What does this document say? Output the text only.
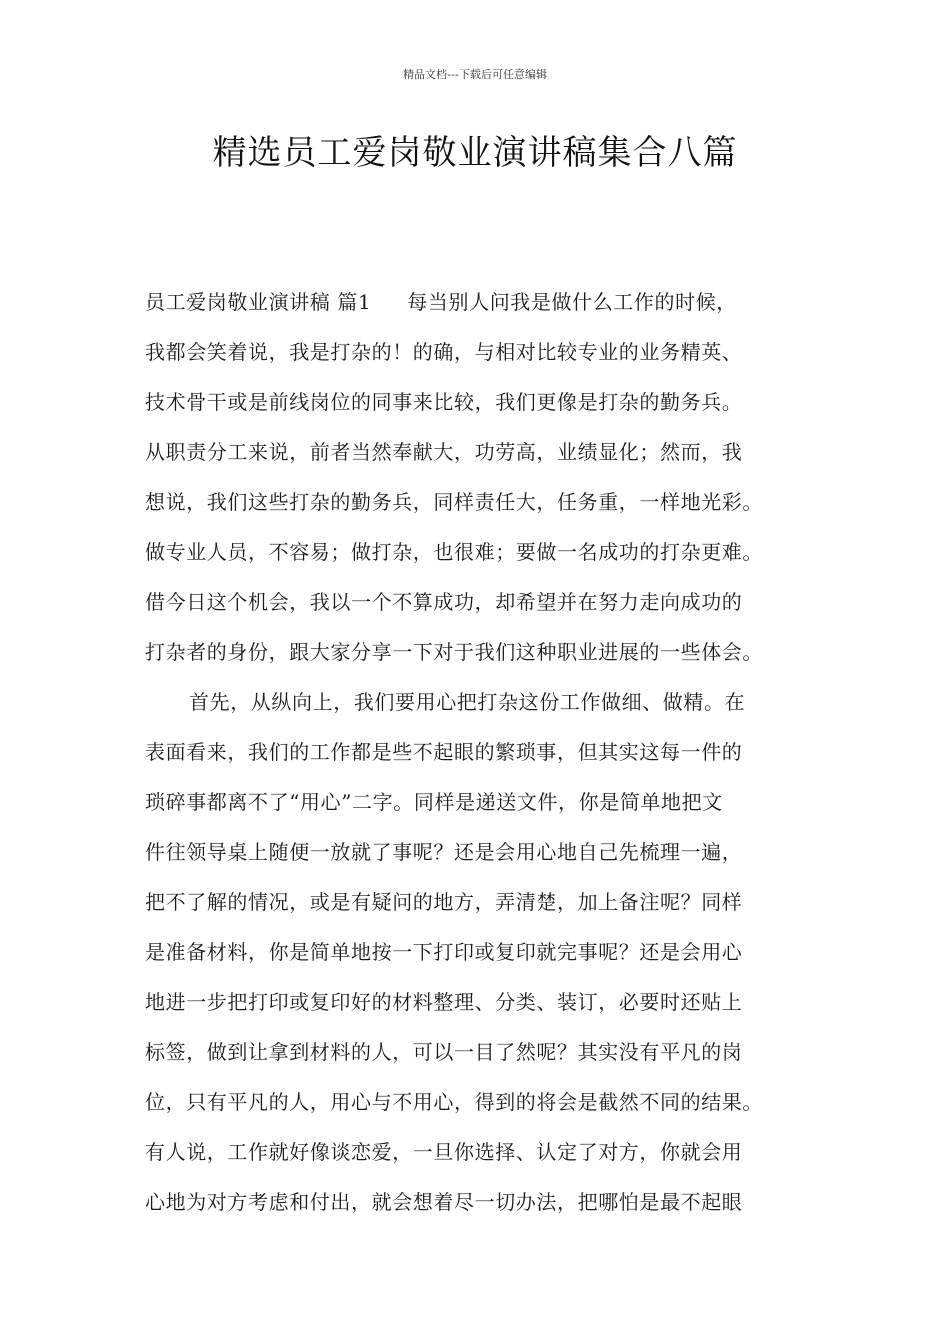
精品文档---下载后可任意编辑
精选员工爱岗敬业演讲稿集合八篇
员工爱岗敬业演讲稿 篇1 每当别人问我是做什么工作的时候，
我都会笑着说，我是打杂的！的确，与相对比较专业的业务精英、
技术骨干或是前线岗位的同事来比较，我们更像是打杂的勤务兵。
从职责分工来说，前者当然奉献大，功劳高，业绩显化；然而，我
想说，我们这些打杂的勤务兵，同样责任大，任务重，一样地光彩。
做专业人员，不容易；做打杂，也很难；要做一名成功的打杂更难。
借今日这个机会，我以一个不算成功，却希望并在努力走向成功的
打杂者的身份，跟大家分享一下对于我们这种职业进展的一些体会。
首先，从纵向上，我们要用心把打杂这份工作做细、做精。在
表面看来，我们的工作都是些不起眼的繁琐事，但其实这每一件的
琐碎事都离不了“用心”二字。同样是递送文件，你是简单地把文
件往领导桌上随便一放就了事呢？还是会用心地自己先梳理一遍，
把不了解的情况，或是有疑问的地方，弄清楚，加上备注呢？同样
是准备材料，你是简单地按一下打印或复印就完事呢？还是会用心
地进一步把打印或复印好的材料整理、分类、装订，必要时还贴上
标签，做到让拿到材料的人，可以一目了然呢？其实没有平凡的岗
位，只有平凡的人，用心与不用心，得到的将会是截然不同的结果。
有人说，工作就好像谈恋爱，一旦你选择、认定了对方，你就会用
心地为对方考虑和付出，就会想着尽一切办法，把哪怕是最不起眼
